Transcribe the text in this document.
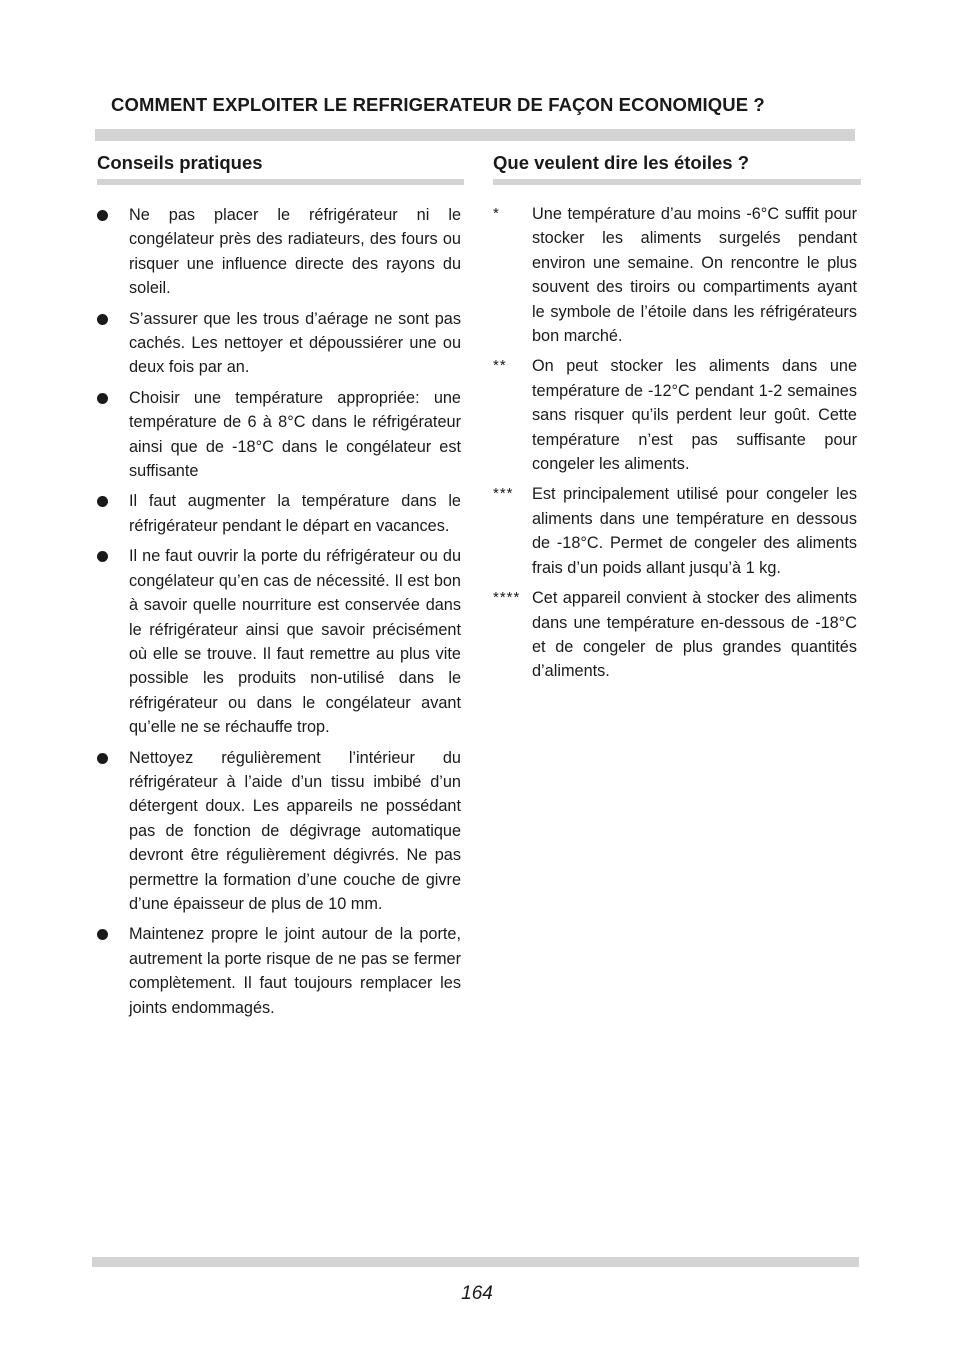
COMMENT EXPLOITER LE REFRIGERATEUR DE FAÇON ECONOMIQUE ?
Conseils pratiques
Ne pas placer le réfrigérateur ni le congélateur près des radiateurs, des fours ou risquer une influence directe des rayons du soleil.
S’assurer que les trous d’aérage ne sont pas cachés. Les nettoyer et dépoussiérer une ou deux fois par an.
Choisir une température appropriée: une température de 6 à 8°C dans le réfrigérateur ainsi que de -18°C dans le congélateur est suffisante
Il faut augmenter la température dans le réfrigérateur pendant le départ en vacances.
Il ne faut ouvrir la porte du réfrigérateur ou du congélateur qu’en cas de nécessité. Il est bon à savoir quelle nourriture est conservée dans le réfrigérateur ainsi que savoir précisément où elle se trouve. Il faut remettre au plus vite possible les produits non-utilisé dans le réfrigérateur ou dans le congélateur avant qu’elle ne se réchauffe trop.
Nettoyez régulièrement l’intérieur du réfrigérateur à l’aide d’un tissu imbibé d’un détergent doux. Les appareils ne possédant pas de fonction de dégivrage automatique devront être régulièrement dégivrés. Ne pas permettre la formation d’une couche de givre d’une épaisseur de plus de 10 mm.
Maintenez propre le joint autour de la porte, autrement la porte risque de ne pas se fermer complètement. Il faut toujours remplacer les joints endommagés.
Que veulent dire les étoiles ?
* Une température d’au moins -6°C suffit pour stocker les aliments surgelés pendant environ une semaine. On rencontre le plus souvent des tiroirs ou compartiments ayant le symbole de l’étoile dans les réfrigérateurs bon marché.
** On peut stocker les aliments dans une température de -12°C pendant 1-2 semaines sans risquer qu’ils perdent leur goût. Cette température n’est pas suffisante pour congeler les aliments.
*** Est principalement utilisé pour congeler les aliments dans une température en dessous de -18°C. Permet de congeler des aliments frais d’un poids allant jusqu’à 1 kg.
**** Cet appareil convient à stocker des aliments dans une température en-dessous de -18°C et de congeler de plus grandes quantités d’aliments.
164
